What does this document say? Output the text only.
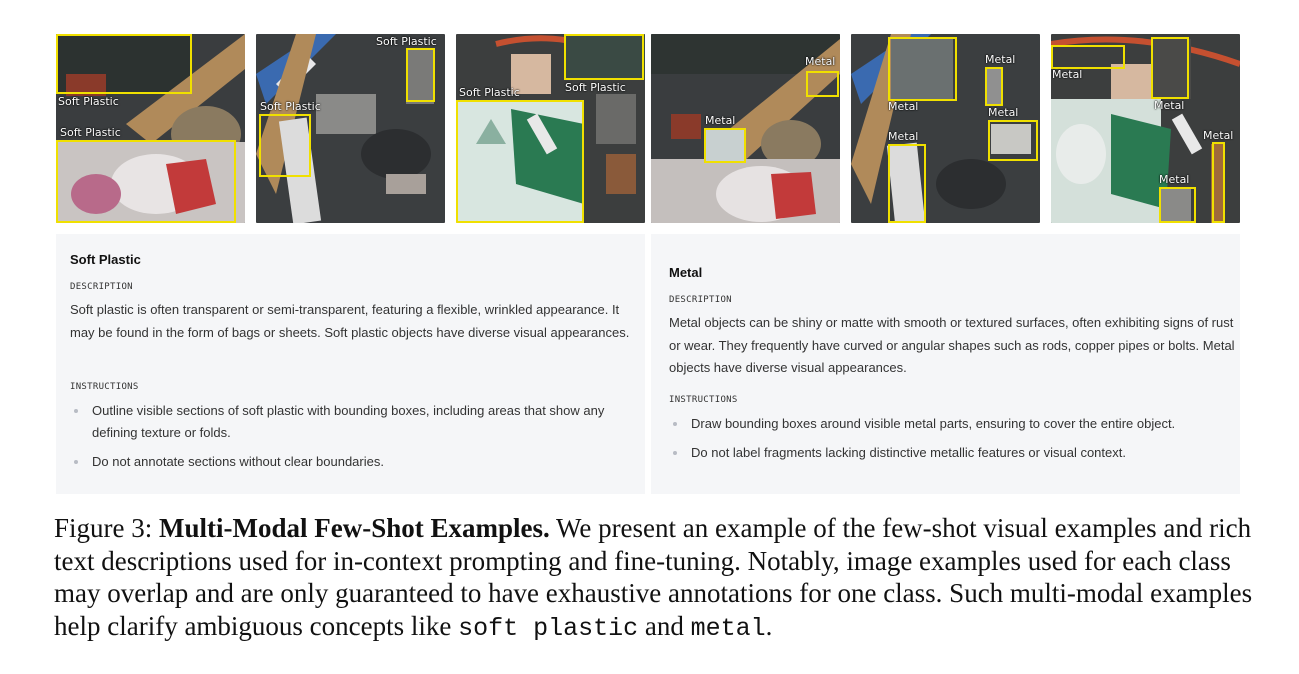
Soft Plastic
Soft Plastic
Soft Plastic
Soft Plastic
Soft Plastic
Soft Plastic
Metal
Metal
Metal
Metal
Metal
Metal
Metal
Metal
Metal
Metal
Soft Plastic
DESCRIPTION
Soft plastic is often transparent or semi-transparent, featuring a flexible, wrinkled appearance. It may be found in the form of bags or sheets. Soft plastic objects have diverse visual appearances.
INSTRUCTIONS
Outline visible sections of soft plastic with bounding boxes, including areas that show any defining texture or folds.
Do not annotate sections without clear boundaries.
Metal
DESCRIPTION
Metal objects can be shiny or matte with smooth or textured surfaces, often exhibiting signs of rust or wear. They frequently have curved or angular shapes such as rods, copper pipes or bolts. Metal objects have diverse visual appearances.
INSTRUCTIONS
Draw bounding boxes around visible metal parts, ensuring to cover the entire object.
Do not label fragments lacking distinctive metallic features or visual context.
Figure 3: Multi-Modal Few-Shot Examples. We present an example of the few-shot visual examples and rich text descriptions used for in-context prompting and fine-tuning. Notably, image examples used for each class may overlap and are only guaranteed to have exhaustive annotations for one class. Such multi-modal examples help clarify ambiguous concepts like soft plastic and metal.
